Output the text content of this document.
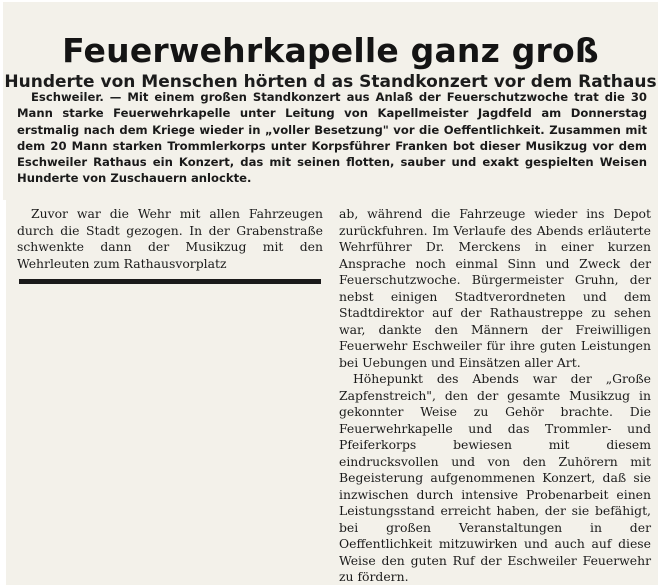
Feuerwehrkapelle ganz groß
Hunderte von Menschen hörten d as Standkonzert vor dem Rathaus

Eschweiler. — Mit einem großen Standkonzert aus Anlaß der Feuerschutzwoche trat die 30 Mann starke Feuerwehrkapelle unter Leitung von Kapellmeister Jagdfeld am Donnerstag erstmalig nach dem Kriege wieder in „voller Besetzung" vor die Oeffentlichkeit. Zusammen mit dem 20 Mann starken Trommlerkorps unter Korpsführer Franken bot dieser Musikzug vor dem Eschweiler Rathaus ein Konzert, das mit seinen flotten, sauber und exakt gespielten Weisen Hunderte von Zuschauern anlockte.

Zuvor war die Wehr mit allen Fahrzeugen durch die Stadt gezogen. In der Grabenstraße schwenkte dann der Musikzug mit den Wehrleuten zum Rathausvorplatz

ab, während die Fahrzeuge wieder ins Depot zurückfuhren. Im Verlaufe des Abends erläuterte Wehrführer Dr. Merckens in einer kurzen Ansprache noch einmal Sinn und Zweck der Feuerschutzwoche. Bürgermeister Gruhn, der nebst einigen Stadtverordneten und dem Stadtdirektor auf der Rathaustreppe zu sehen war, dankte den Männern der Freiwilligen Feuerwehr Eschweiler für ihre guten Leistungen bei Uebungen und Einsätzen aller Art.

Höhepunkt des Abends war der „Große Zapfenstreich", den der gesamte Musikzug in gekonnter Weise zu Gehör brachte. Die Feuerwehrkapelle und das Trommler- und Pfeiferkorps bewiesen mit diesem eindrucksvollen und von den Zuhörern mit Begeisterung aufgenommenen Konzert, daß sie inzwischen durch intensive Probenarbeit einen Leistungsstand erreicht haben, der sie befähigt, bei großen Veranstaltungen in der Oeffentlichkeit mitzuwirken und auch auf diese Weise den guten Ruf der Eschweiler Feuerwehr zu fördern.
